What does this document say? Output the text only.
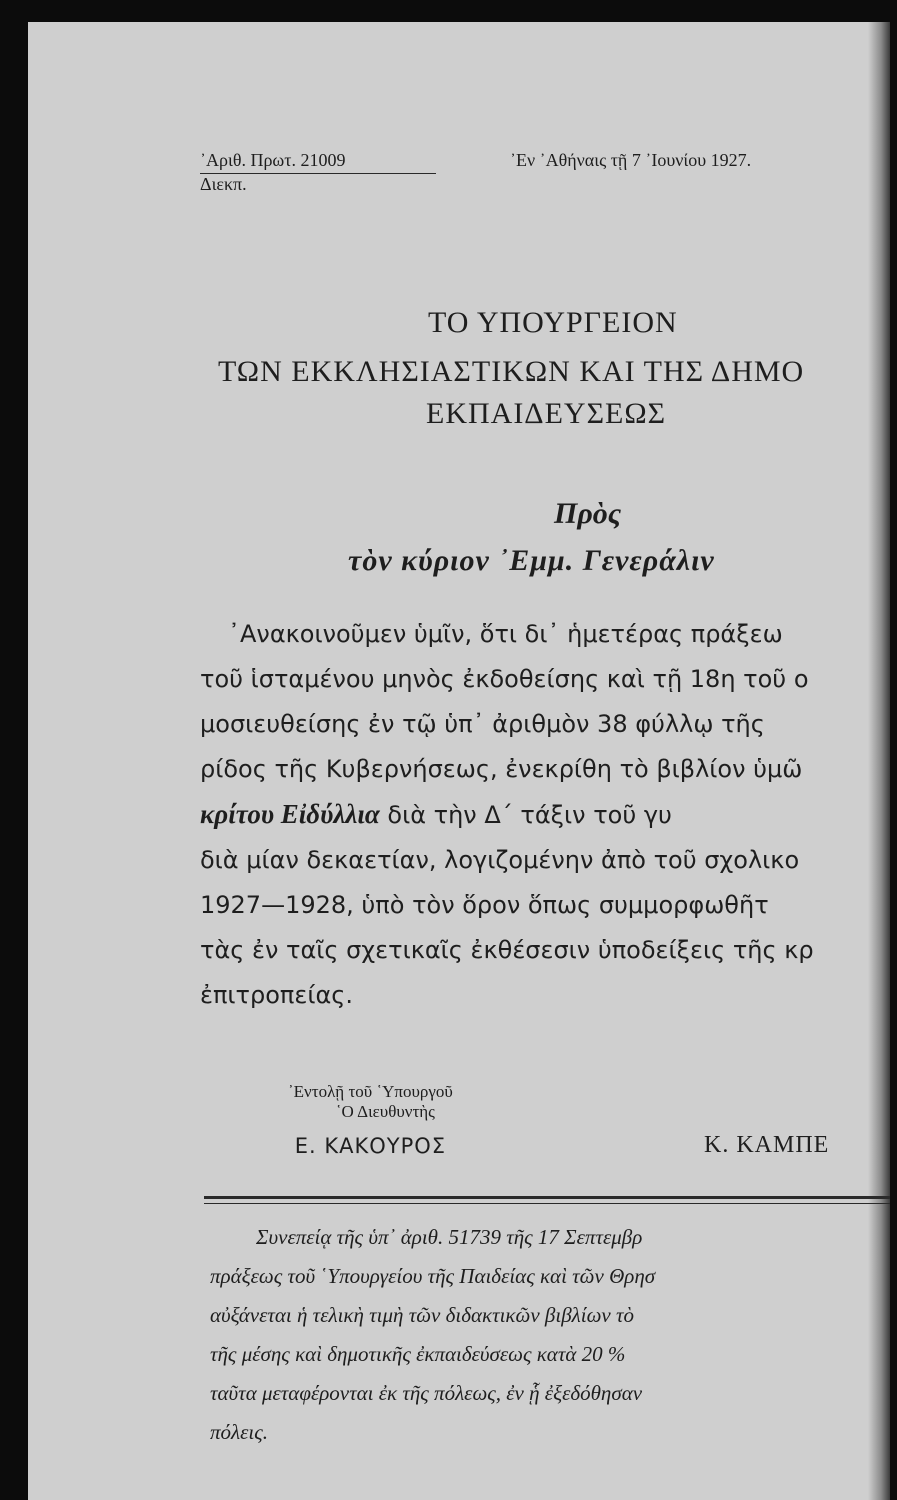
᾿Αριθ. Πρωτ. 21009
Διεκπ.
᾿Εν ᾿Αθήναις τῇ 7 ᾿Ιουνίου 1927.
ΤΟ ΥΠΟΥΡΓΕΙΟΝ
ΤΩΝ ΕΚΚΛΗΣΙΑΣΤΙΚΩΝ ΚΑΙ ΤΗΣ ΔΗΜΟ
ΕΚΠΑΙΔΕΥΣΕΩΣ
Πρὸς
τὸν κύριον ᾿Εμμ. Γενεράλιν
᾿Ανακοινοῦμεν ὑμῖν, ὅτι δι᾿ ἡμετέρας πράξεω
τοῦ ἱσταμένου μηνὸς ἐκδοθείσης καὶ τῇ 18η τοῦ ο
μοσιευθείσης ἐν τῷ ὑπ᾿ ἀριθμὸν 38 φύλλῳ τῆς
ρίδος τῆς Κυβερνήσεως, ἐνεκρίθη τὸ βιβλίον ὑμῶ
κρίτου Εἰδύλλια διὰ τὴν Δ΄ τάξιν τοῦ γυ
διὰ μίαν δεκαετίαν, λογιζομένην ἀπὸ τοῦ σχολικο
1927—1928, ὑπὸ τὸν ὅρον ὅπως συμμορφωθῆτ
τὰς ἐν ταῖς σχετικαῖς ἐκθέσεσιν ὑποδείξεις τῆς κρ
ἐπιτροπείας.
᾿Εντολῇ τοῦ ῾Υπουργοῦ
῾Ο Διευθυντὴς
Ε. ΚΑΚΟΥΡΟΣ	Κ. ΚΑΜΠΕ
Συνεπείᾳ τῆς ὑπ᾿ ἀριθ. 51739 τῆς 17 Σεπτεμβρ
πράξεως τοῦ ῾Υπουργείου τῆς Παιδείας καὶ τῶν Θρησ
αὐξάνεται ἡ τελικὴ τιμὴ τῶν διδακτικῶν βιβλίων τὸ
τῆς μέσης καὶ δημοτικῆς ἐκπαιδεύσεως κατὰ 20 %
ταῦτα μεταφέρονται ἐκ τῆς πόλεως, ἐν ᾗ ἐξεδόθησαν
πόλεις.
